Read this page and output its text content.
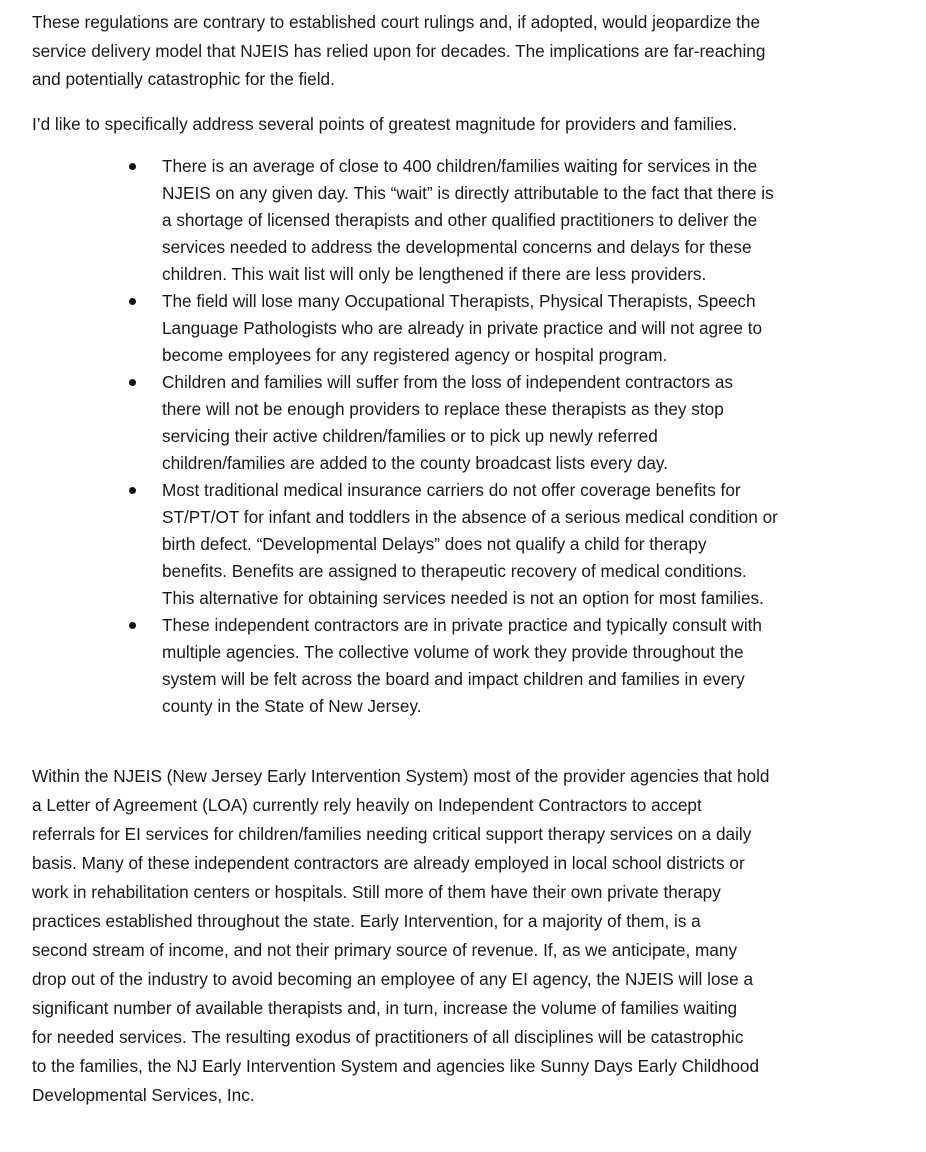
These regulations are contrary to established court rulings and, if adopted, would jeopardize the
service delivery model that NJEIS has relied upon for decades. The implications are far-reaching
and potentially catastrophic for the field.

I’d like to specifically address several points of greatest magnitude for providers and families.

There is an average of close to 400 children/families waiting for services in the
NJEIS on any given day. This “wait” is directly attributable to the fact that there is
a shortage of licensed therapists and other qualified practitioners to deliver the
services needed to address the developmental concerns and delays for these
children. This wait list will only be lengthened if there are less providers.
The field will lose many Occupational Therapists, Physical Therapists, Speech
Language Pathologists who are already in private practice and will not agree to
become employees for any registered agency or hospital program.
Children and families will suffer from the loss of independent contractors as
there will not be enough providers to replace these therapists as they stop
servicing their active children/families or to pick up newly referred
children/families are added to the county broadcast lists every day.
Most traditional medical insurance carriers do not offer coverage benefits for
ST/PT/OT for infant and toddlers in the absence of a serious medical condition or
birth defect. “Developmental Delays” does not qualify a child for therapy
benefits. Benefits are assigned to therapeutic recovery of medical conditions.
This alternative for obtaining services needed is not an option for most families.
These independent contractors are in private practice and typically consult with
multiple agencies. The collective volume of work they provide throughout the
system will be felt across the board and impact children and families in every
county in the State of New Jersey.

Within the NJEIS (New Jersey Early Intervention System) most of the provider agencies that hold
a Letter of Agreement (LOA) currently rely heavily on Independent Contractors to accept
referrals for EI services for children/families needing critical support therapy services on a daily
basis. Many of these independent contractors are already employed in local school districts or
work in rehabilitation centers or hospitals. Still more of them have their own private therapy
practices established throughout the state. Early Intervention, for a majority of them, is a
second stream of income, and not their primary source of revenue. If, as we anticipate, many
drop out of the industry to avoid becoming an employee of any EI agency, the NJEIS will lose a
significant number of available therapists and, in turn, increase the volume of families waiting
for needed services. The resulting exodus of practitioners of all disciplines will be catastrophic
to the families, the NJ Early Intervention System and agencies like Sunny Days Early Childhood
Developmental Services, Inc.
